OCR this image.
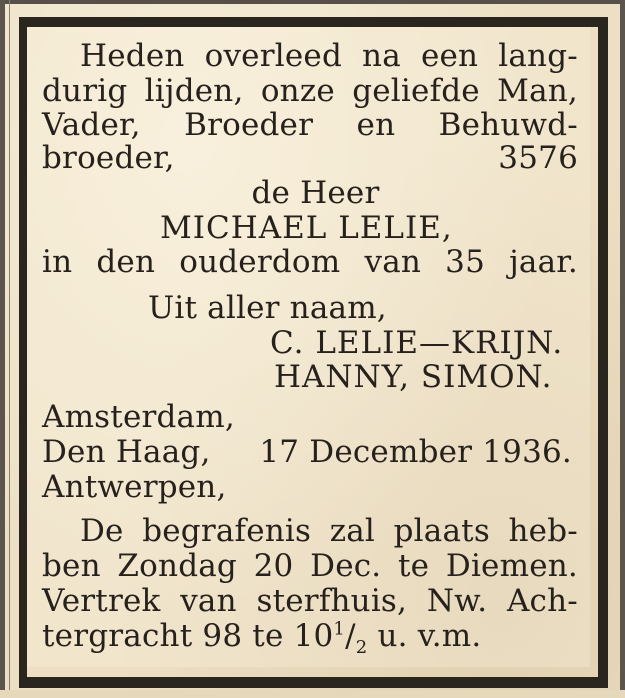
Heden overleed na een lang-
durig lijden, onze geliefde Man,
Vader, Broeder en Behuwd-
broeder,	3576
de Heer
MICHAEL LELIE,
in den ouderdom van 35 jaar.
Uit aller naam,
C. LELIE—KRIJN.
HANNY, SIMON.
Amsterdam,
Den Haag, 17 December 1936.
Antwerpen,
De begrafenis zal plaats heb-
ben Zondag 20 Dec. te Diemen.
Vertrek van sterfhuis, Nw. Ach-
tergracht 98 te $10^1/_2$ u. v.m.
